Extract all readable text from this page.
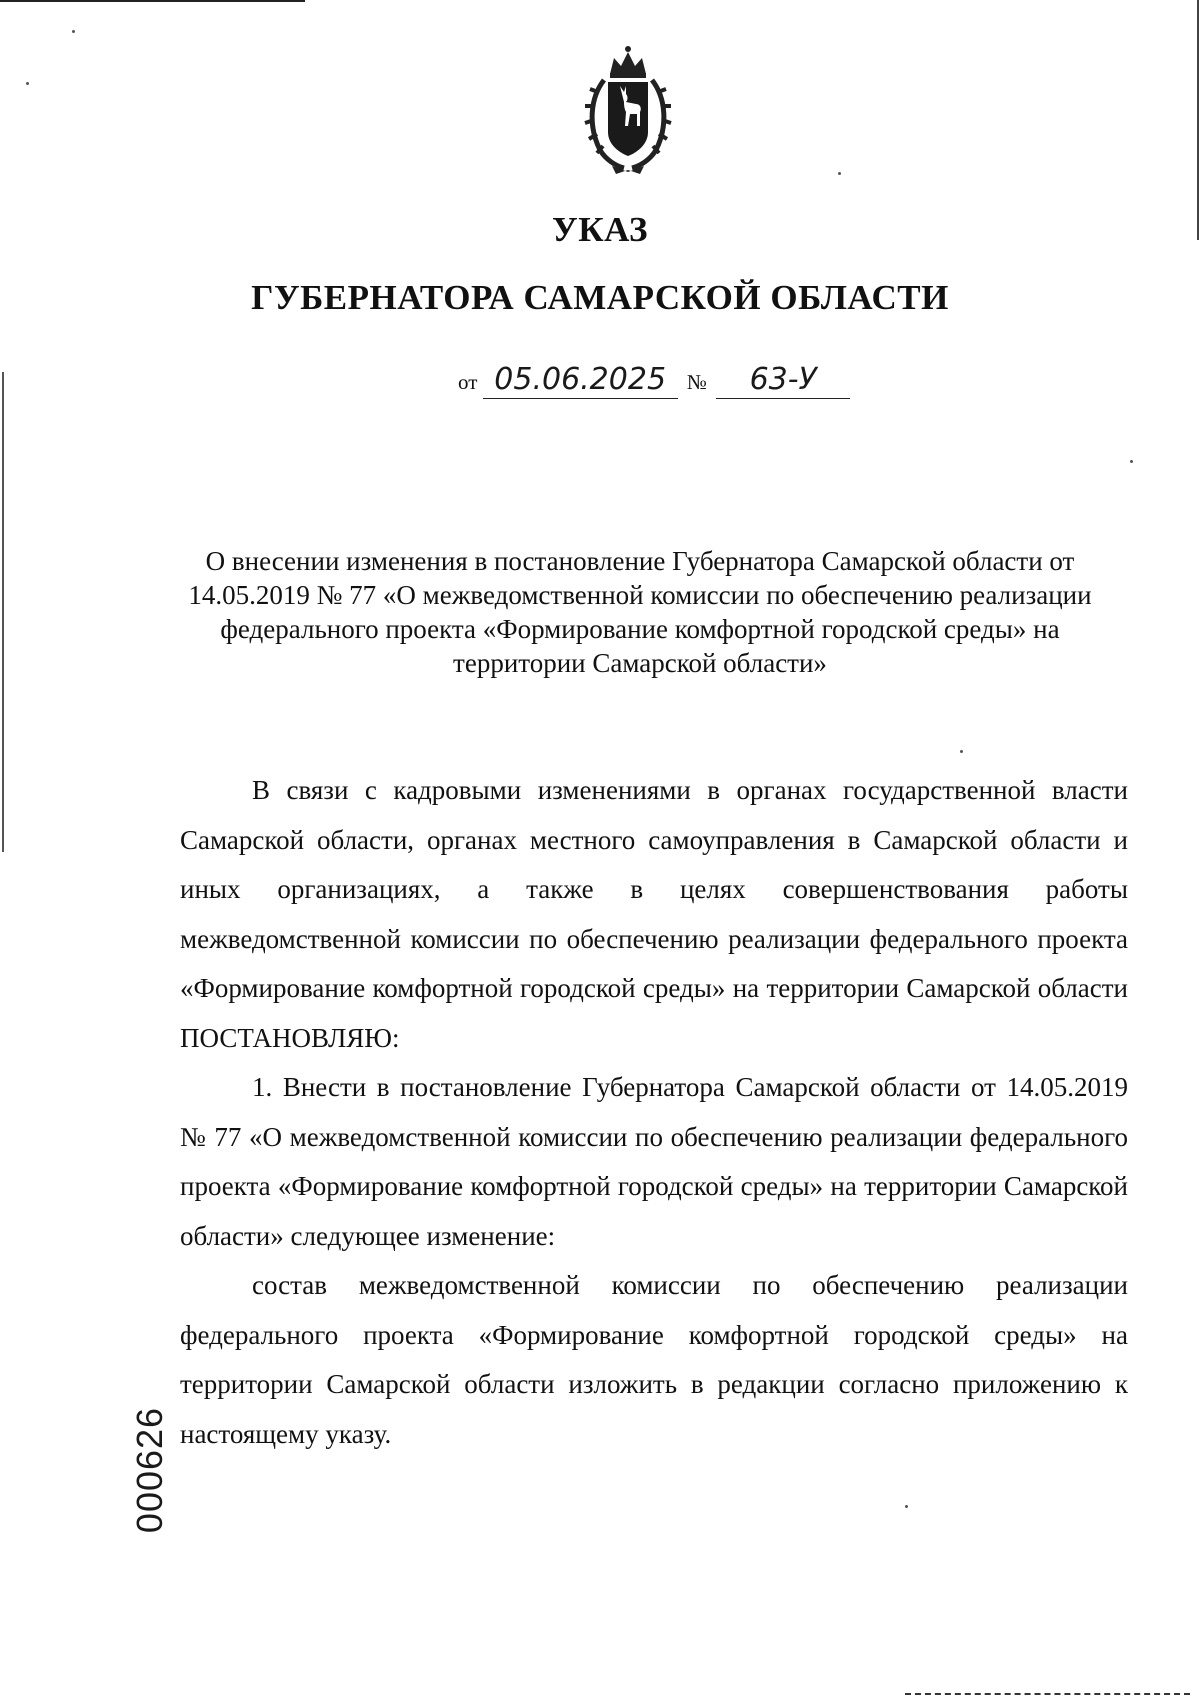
УКАЗ
ГУБЕРНАТОРА САМАРСКОЙ ОБЛАСТИ
от 05.06.2025 № 63-У
О внесении изменения в постановление Губернатора Самарской области от 14.05.2019 № 77 «О межведомственной комиссии по обеспечению реализации федерального проекта «Формирование комфортной городской среды» на территории Самарской области»

В связи с кадровыми изменениями в органах государственной власти Самарской области, органах местного самоуправления в Самарской области и иных организациях, а также в целях совершенствования работы межведомственной комиссии по обеспечению реализации федерального проекта «Формирование комфортной городской среды» на территории Самарской области ПОСТАНОВЛЯЮ:

1. Внести в постановление Губернатора Самарской области от 14.05.2019 № 77 «О межведомственной комиссии по обеспечению реализации федерального проекта «Формирование комфортной городской среды» на территории Самарской области» следующее изменение:

состав межведомственной комиссии по обеспечению реализации федерального проекта «Формирование комфортной городской среды» на территории Самарской области изложить в редакции согласно приложению к настоящему указу.

000626
